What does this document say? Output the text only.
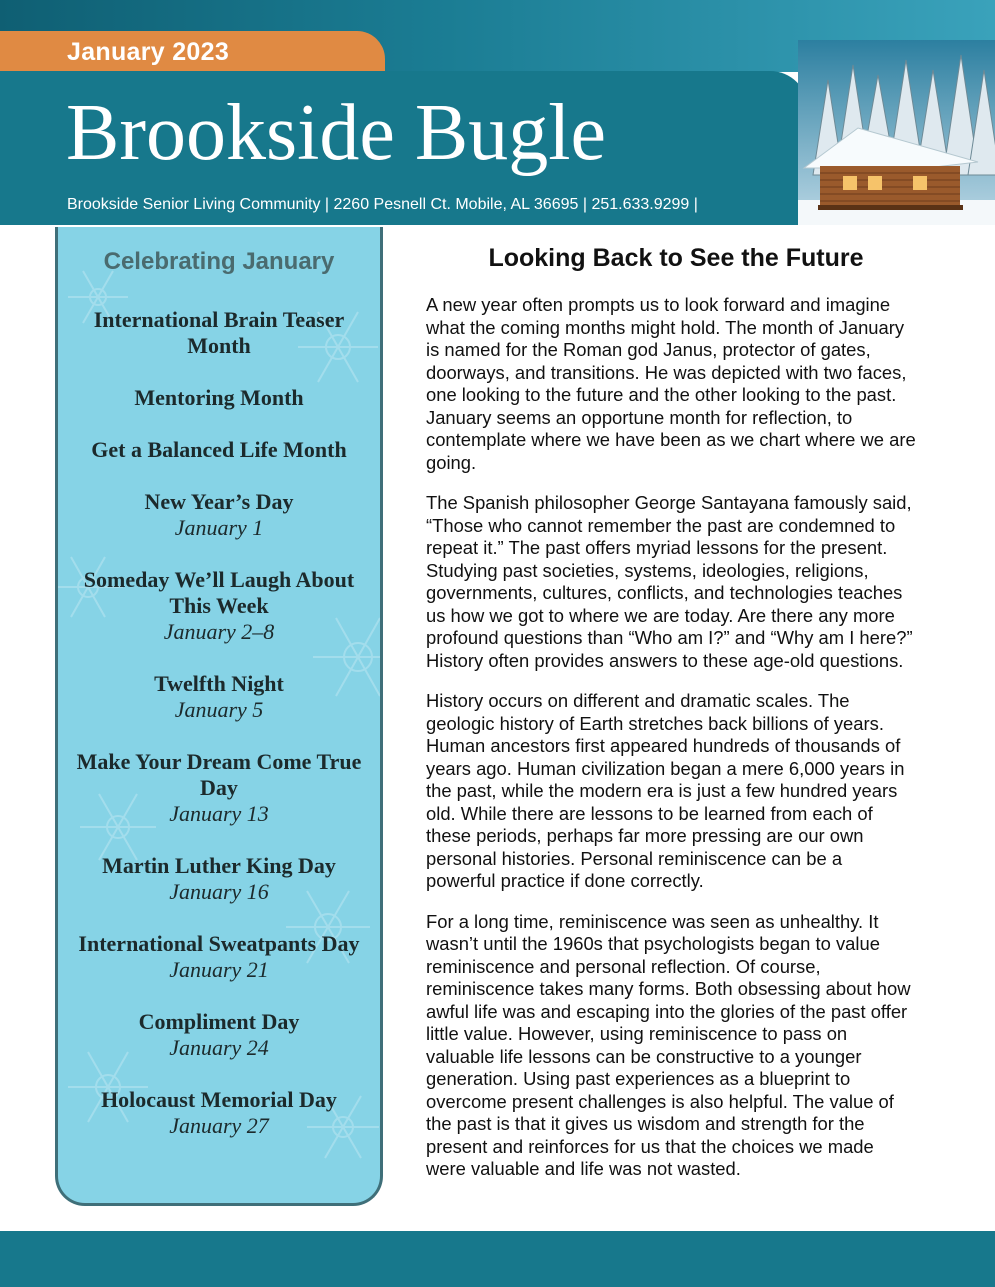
January 2023
Brookside Bugle
Brookside Senior Living Community | 2260 Pesnell Ct. Mobile, AL 36695 | 251.633.9299 |
Celebrating January
International Brain Teaser Month
Mentoring Month
Get a Balanced Life Month
New Year’s Day
January 1
Someday We’ll Laugh About This Week
January 2–8
Twelfth Night
January 5
Make Your Dream Come True Day
January 13
Martin Luther King Day
January 16
International Sweatpants Day
January 21
Compliment Day
January 24
Holocaust Memorial Day
January 27
Looking Back to See the Future

A new year often prompts us to look forward and imagine what the coming months might hold. The month of January is named for the Roman god Janus, protector of gates, doorways, and transitions. He was depicted with two faces, one looking to the future and the other looking to the past. January seems an opportune month for reflection, to contemplate where we have been as we chart where we are going.

The Spanish philosopher George Santayana famously said, “Those who cannot remember the past are condemned to repeat it.” The past offers myriad lessons for the present. Studying past societies, systems, ideologies, religions, governments, cultures, conflicts, and technologies teaches us how we got to where we are today. Are there any more profound questions than “Who am I?” and “Why am I here?” History often provides answers to these age-old questions.

History occurs on different and dramatic scales. The geologic history of Earth stretches back billions of years. Human ancestors first appeared hundreds of thousands of years ago. Human civilization began a mere 6,000 years in the past, while the modern era is just a few hundred years old. While there are lessons to be learned from each of these periods, perhaps far more pressing are our own personal histories. Personal reminiscence can be a powerful practice if done correctly.

For a long time, reminiscence was seen as unhealthy. It wasn’t until the 1960s that psychologists began to value reminiscence and personal reflection. Of course, reminiscence takes many forms. Both obsessing about how awful life was and escaping into the glories of the past offer little value. However, using reminiscence to pass on valuable life lessons can be constructive to a younger generation. Using past experiences as a blueprint to overcome present challenges is also helpful. The value of the past is that it gives us wisdom and strength for the present and reinforces for us that the choices we made were valuable and life was not wasted.
